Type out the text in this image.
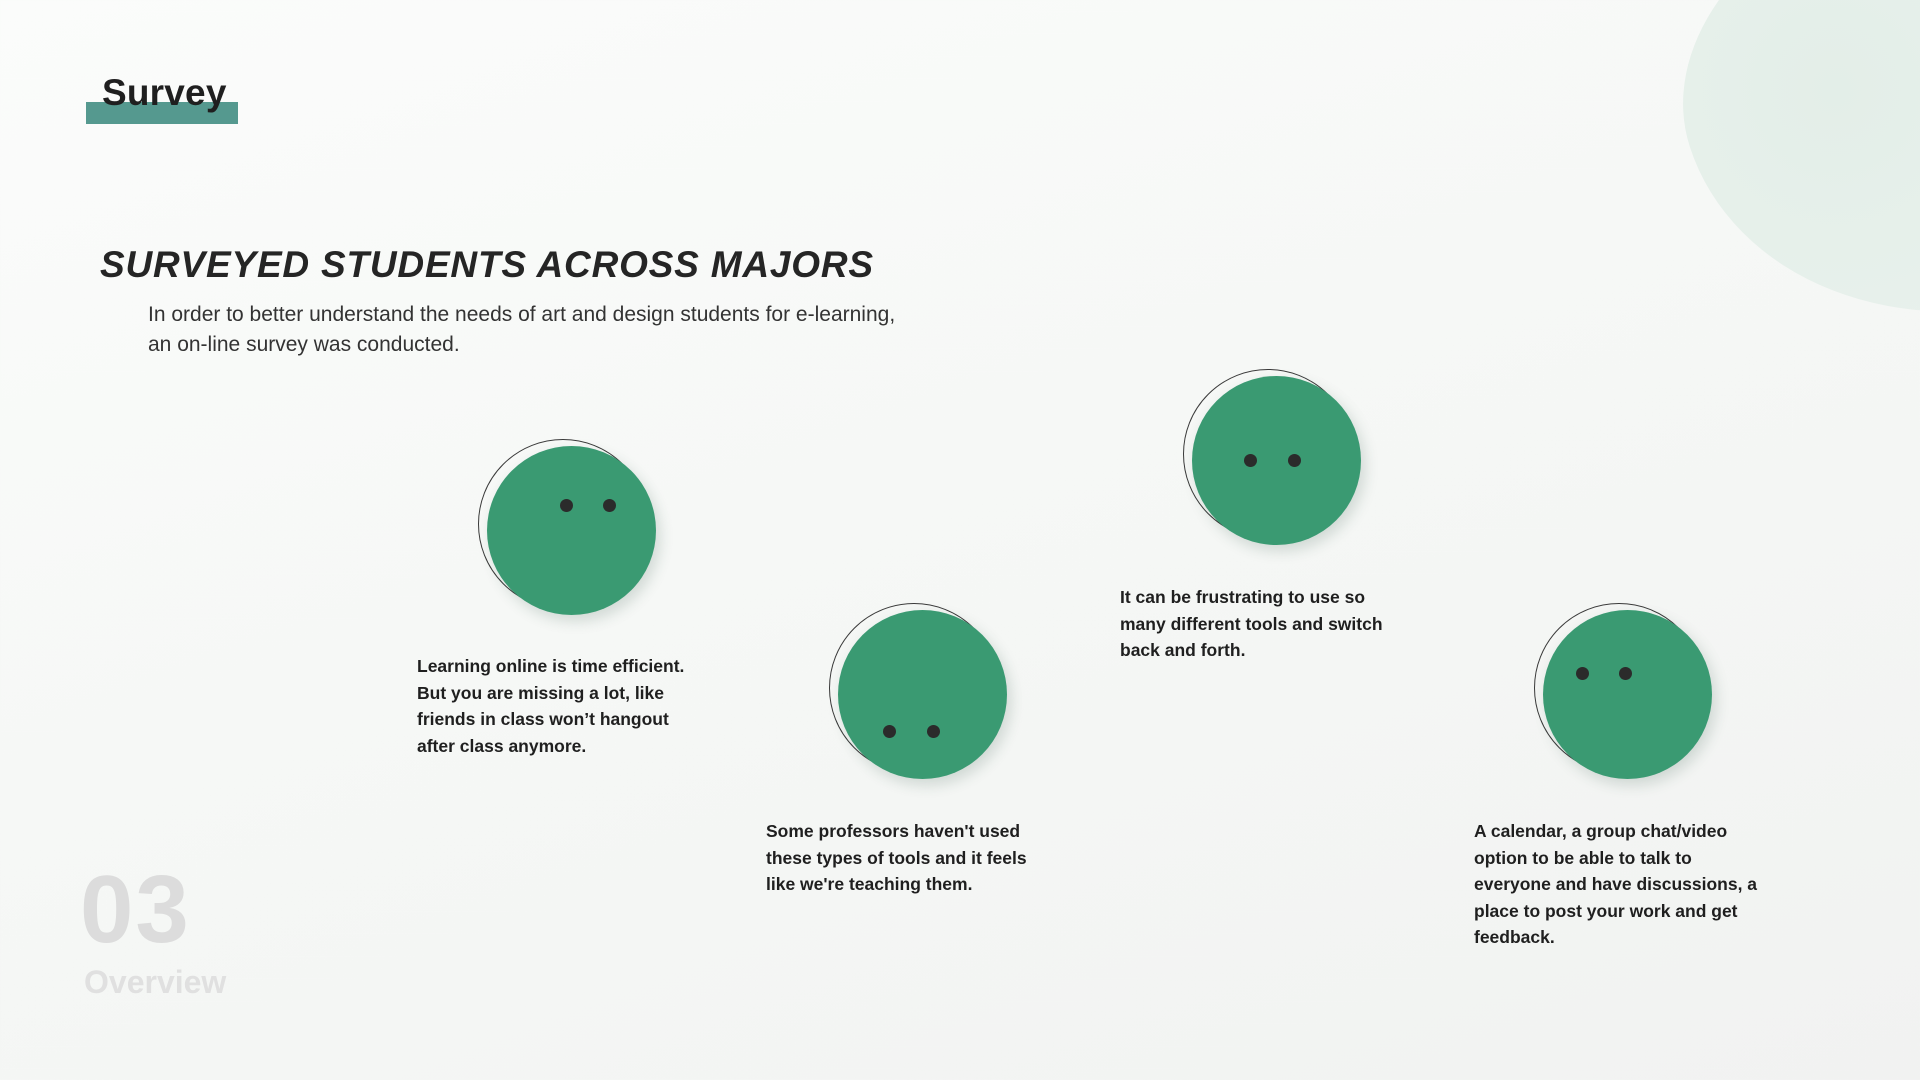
Survey
SURVEYED STUDENTS ACROSS MAJORS
In order to better understand the needs of art and design students for e-learning,
an on-line survey was conducted.
Learning online is time efficient.
But you are missing a lot, like
friends in class won’t hangout
after class anymore.
Some professors haven't used
these types of tools and it feels
like we're teaching them.
It can be frustrating to use so
many different tools and switch
back and forth.
A calendar, a group chat/video
option to be able to talk to
everyone and have discussions, a
place to post your work and get
feedback.
03
Overview
